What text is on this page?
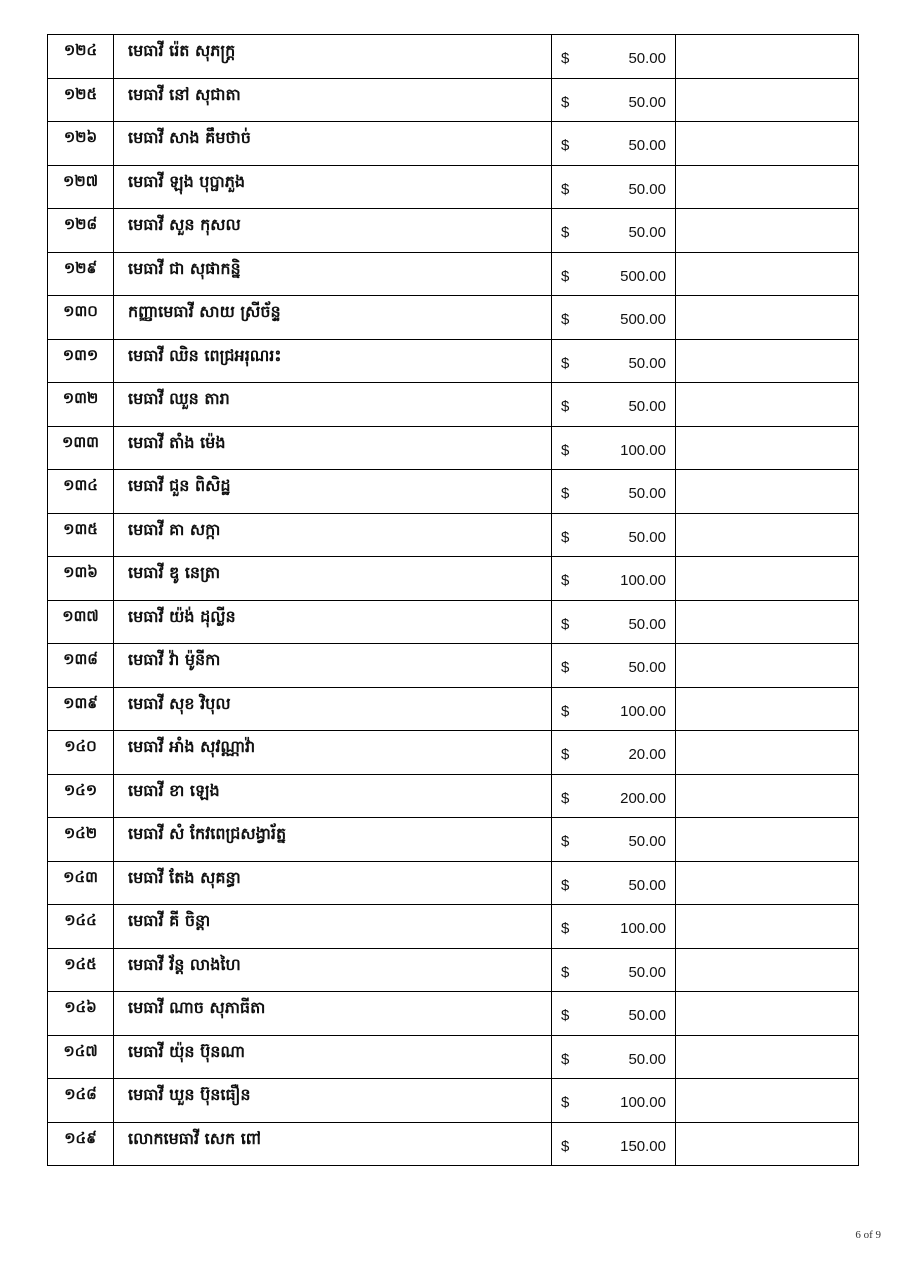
១២៤	មេធាវី រ៉េត សុភក្រ្ត	$ 50.00	

១២៥	មេធាវី នៅ សុជាតា	$ 50.00	

១២៦	មេធាវី សាង គឹមថាច់	$ 50.00	

១២៧	មេធាវី ឡុង បុប្ផាភួង	$ 50.00	

១២៨	មេធាវី សួន កុសល	$ 50.00	

១២៩	មេធាវី ជា សុផាកន្និ	$ 500.00	

១៣០	កញ្ញាមេធាវី សាយ ស្រីច័ន្ទ	$ 500.00	

១៣១	មេធាវី ឈិន ពេជ្រអរុណរះ	$ 50.00	

១៣២	មេធាវី ឈួន តារា	$ 50.00	

១៣៣	មេធាវី តាំង ម៉េង	$ 100.00	

១៣៤	មេធាវី ជួន ពិសិដ្ឋ	$ 50.00	

១៣៥	មេធាវី គា សក្កា	$ 50.00	

១៣៦	មេធាវី ឌូ នេត្រា	$ 100.00	

១៣៧	មេធាវី យ៉ង់ ដុល្លីន	$ 50.00	

១៣៨	មេធាវី វ៉ា ម៉ូនីកា	$ 50.00	

១៣៩	មេធាវី សុខ វិបុល	$ 100.00	

១៤០	មេធាវី អាំង សុវណ្ណាវ៉ា	$ 20.00	

១៤១	មេធាវី ខា ឡេង	$ 200.00	

១៤២	មេធាវី សំ កែវពេជ្រសង្វារ័ត្ន	$ 50.00	

១៤៣	មេធាវី តែង សុគន្ធា	$ 50.00	

១៤៤	មេធាវី គី ចិន្តា	$ 100.00	

១៤៥	មេធាវី វ័ន្ត លាងហៃ	$ 50.00	

១៤៦	មេធាវី ណាច សុភាធីតា	$ 50.00	

១៤៧	មេធាវី យ៉ុន ប៊ុនណា	$ 50.00	

១៤៨	មេធាវី ឃួន ប៊ុនធឿន	$ 100.00	

១៤៩	លោកមេធាវី សេក ពៅ	$ 150.00	

6 of 9
